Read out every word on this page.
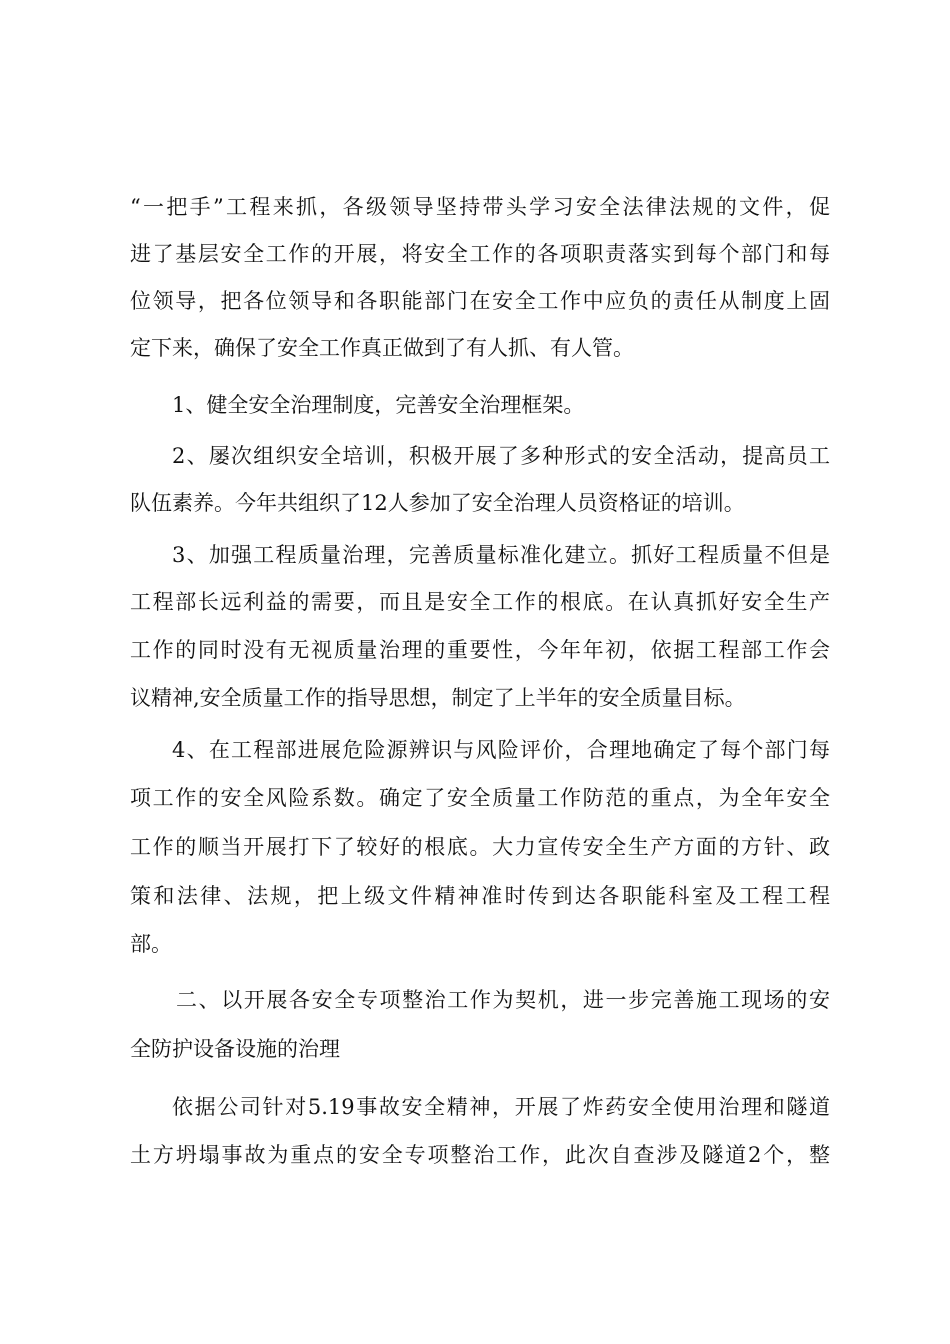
“一把手”工程来抓，各级领导坚持带头学习安全法律法规的文件，促
进了基层安全工作的开展，将安全工作的各项职责落实到每个部门和每
位领导，把各位领导和各职能部门在安全工作中应负的责任从制度上固
定下来，确保了安全工作真正做到了有人抓、有人管。
1、健全安全治理制度，完善安全治理框架。
2、屡次组织安全培训，积极开展了多种形式的安全活动，提高员工
队伍素养。今年共组织了12人参加了安全治理人员资格证的培训。
3、加强工程质量治理，完善质量标准化建立。抓好工程质量不但是
工程部长远利益的需要，而且是安全工作的根底。在认真抓好安全生产
工作的同时没有无视质量治理的重要性，今年年初，依据工程部工作会
议精神,安全质量工作的指导思想，制定了上半年的安全质量目标。
4、在工程部进展危险源辨识与风险评价，合理地确定了每个部门每
项工作的安全风险系数。确定了安全质量工作防范的重点，为全年安全
工作的顺当开展打下了较好的根底。大力宣传安全生产方面的方针、政
策和法律、法规，把上级文件精神准时传到达各职能科室及工程工程
部。
二、以开展各安全专项整治工作为契机，进一步完善施工现场的安
全防护设备设施的治理
依据公司针对5.19事故安全精神，开展了炸药安全使用治理和隧道
土方坍塌事故为重点的安全专项整治工作，此次自查涉及隧道2个，整
